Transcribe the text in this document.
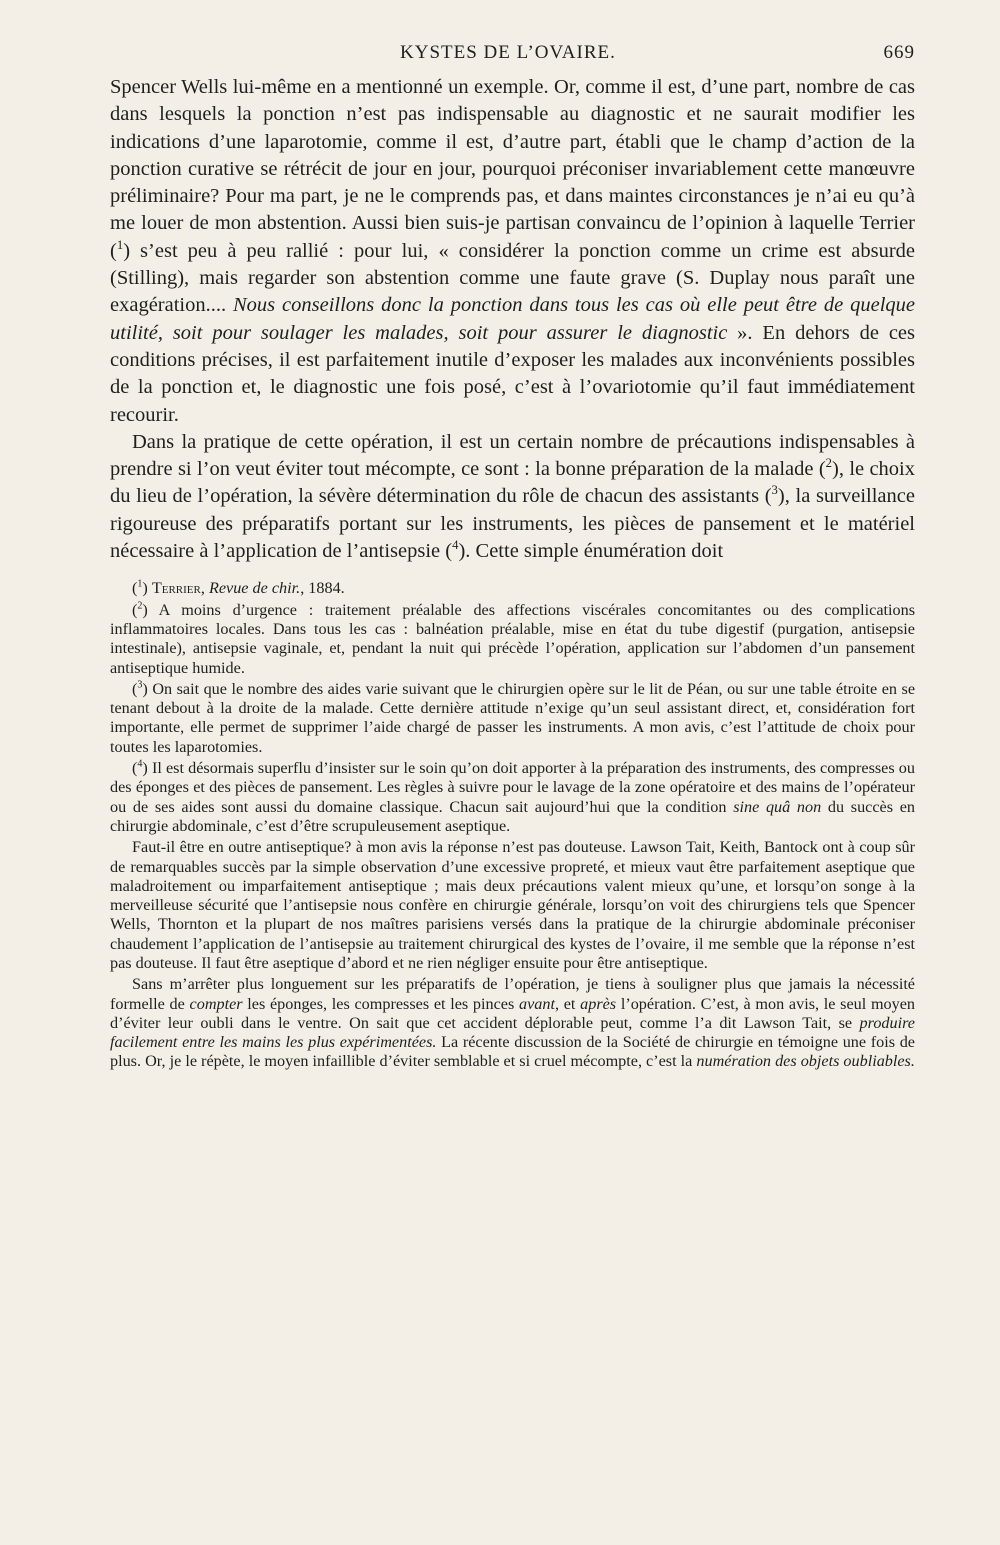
KYSTES DE L’OVAIRE.	669

Spencer Wells lui-même en a mentionné un exemple. Or, comme il est, d’une part, nombre de cas dans lesquels la ponction n’est pas indispensable au diagnostic et ne saurait modifier les indications d’une laparotomie, comme il est, d’autre part, établi que le champ d’action de la ponction curative se rétrécit de jour en jour, pourquoi préconiser invariablement cette manœuvre préliminaire? Pour ma part, je ne le comprends pas, et dans maintes circonstances je n’ai eu qu’à me louer de mon abstention. Aussi bien suis-je partisan convaincu de l’opinion à laquelle Terrier ($^1$) s’est peu à peu rallié : pour lui, « considérer la ponction comme un crime est absurde (Stilling), mais regarder son abstention comme une faute grave (S. Duplay nous paraît une exagération.... Nous conseillons donc la ponction dans tous les cas où elle peut être de quelque utilité, soit pour soulager les malades, soit pour assurer le diagnostic ». En dehors de ces conditions précises, il est parfaitement inutile d’exposer les malades aux inconvénients possibles de la ponction et, le diagnostic une fois posé, c’est à l’ovariotomie qu’il faut immédiatement recourir.

Dans la pratique de cette opération, il est un certain nombre de précautions indispensables à prendre si l’on veut éviter tout mécompte, ce sont : la bonne préparation de la malade ($^2$), le choix du lieu de l’opération, la sévère détermination du rôle de chacun des assistants ($^3$), la surveillance rigoureuse des préparatifs portant sur les instruments, les pièces de pansement et le matériel nécessaire à l’application de l’antisepsie ($^4$). Cette simple énumération doit

($^1$) Terrier, Revue de chir., 1884.

($^2$) A moins d’urgence : traitement préalable des affections viscérales concomitantes ou des complications inflammatoires locales. Dans tous les cas : balnéation préalable, mise en état du tube digestif (purgation, antisepsie intestinale), antisepsie vaginale, et, pendant la nuit qui précède l’opération, application sur l’abdomen d’un pansement antiseptique humide.

($^3$) On sait que le nombre des aides varie suivant que le chirurgien opère sur le lit de Péan, ou sur une table étroite en se tenant debout à la droite de la malade. Cette dernière attitude n’exige qu’un seul assistant direct, et, considération fort importante, elle permet de supprimer l’aide chargé de passer les instruments. A mon avis, c’est l’attitude de choix pour toutes les laparotomies.

($^4$) Il est désormais superflu d’insister sur le soin qu’on doit apporter à la préparation des instruments, des compresses ou des éponges et des pièces de pansement. Les règles à suivre pour le lavage de la zone opératoire et des mains de l’opérateur ou de ses aides sont aussi du domaine classique. Chacun sait aujourd’hui que la condition sine quâ non du succès en chirurgie abdominale, c’est d’être scrupuleusement aseptique.

Faut-il être en outre antiseptique? à mon avis la réponse n’est pas douteuse. Lawson Tait, Keith, Bantock ont à coup sûr de remarquables succès par la simple observation d’une excessive propreté, et mieux vaut être parfaitement aseptique que maladroitement ou imparfaitement antiseptique ; mais deux précautions valent mieux qu’une, et lorsqu’on songe à la merveilleuse sécurité que l’antisepsie nous confère en chirurgie générale, lorsqu’on voit des chirurgiens tels que Spencer Wells, Thornton et la plupart de nos maîtres parisiens versés dans la pratique de la chirurgie abdominale préconiser chaudement l’application de l’antisepsie au traitement chirurgical des kystes de l’ovaire, il me semble que la réponse n’est pas douteuse. Il faut être aseptique d’abord et ne rien négliger ensuite pour être antiseptique.

Sans m’arrêter plus longuement sur les préparatifs de l’opération, je tiens à souligner plus que jamais la nécessité formelle de compter les éponges, les compresses et les pinces avant, et après l’opération. C’est, à mon avis, le seul moyen d’éviter leur oubli dans le ventre. On sait que cet accident déplorable peut, comme l’a dit Lawson Tait, se produire facilement entre les mains les plus expérimentées. La récente discussion de la Société de chirurgie en témoigne une fois de plus. Or, je le répète, le moyen infaillible d’éviter semblable et si cruel mécompte, c’est la numération des objets oubliables.
